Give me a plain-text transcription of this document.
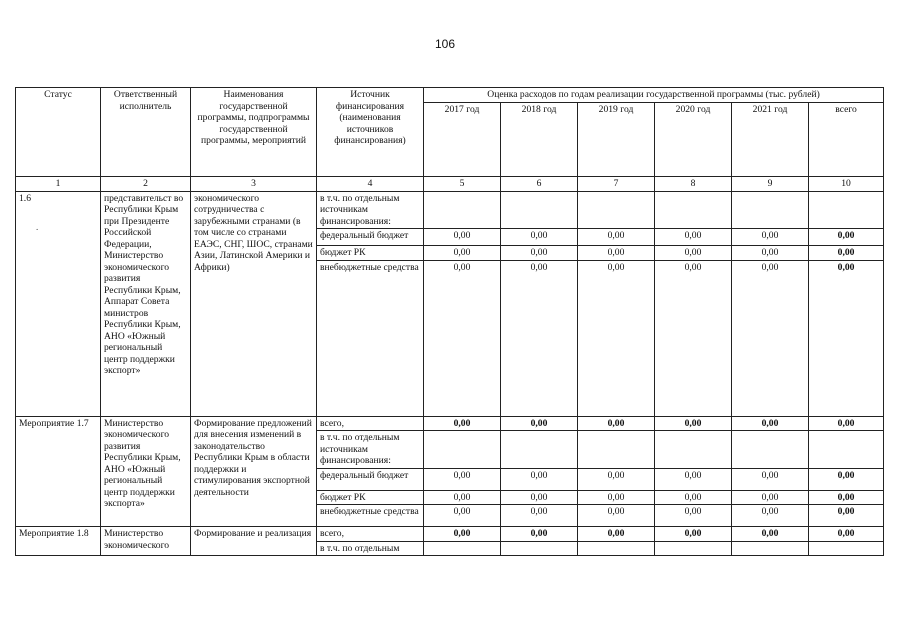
106
Статус	Ответственный исполнитель	Наименования государственной программы, подпрограммы государственной программы, мероприятий	Источник финансирования (наименования источников финансирования)	Оценка расходов по годам реализации государственной программы (тыс. рублей)					
				2017 год	2018 год	2019 год	2020 год	2021 год	всего
1	2	3	4	5	6	7	8	9	10
1.6	представительст во Республики Крым при Президенте Российской Федерации, Министерство экономического развития Республики Крым, Аппарат Совета министров Республики Крым, АНО «Южный региональный центр поддержки экспорт»	экономического сотрудничества с зарубежными странами (в том числе со странами ЕАЭС, СНГ, ШОС, странами Азии, Латинской Америки и Африки)	в т.ч. по отдельным источникам финансирования:						
			федеральный бюджет	0,00	0,00	0,00	0,00	0,00	0,00
			бюджет РК	0,00	0,00	0,00	0,00	0,00	0,00
			внебюджетные средства	0,00	0,00	0,00	0,00	0,00	0,00
Мероприятие 1.7	Министерство экономического развития Республики Крым, АНО «Южный региональный центр поддержки экспорта»	Формирование предложений для внесения изменений в законодательство Республики Крым в области поддержки и стимулирования экспортной деятельности	всего,	0,00	0,00	0,00	0,00	0,00	0,00
			в т.ч. по отдельным источникам финансирования:						
			федеральный бюджет	0,00	0,00	0,00	0,00	0,00	0,00
			бюджет РК	0,00	0,00	0,00	0,00	0,00	0,00
			внебюджетные средства	0,00	0,00	0,00	0,00	0,00	0,00
Мероприятие 1.8	Министерство экономического	Формирование и реализация	всего,	0,00	0,00	0,00	0,00	0,00	0,00
			в т.ч. по отдельным						
.
